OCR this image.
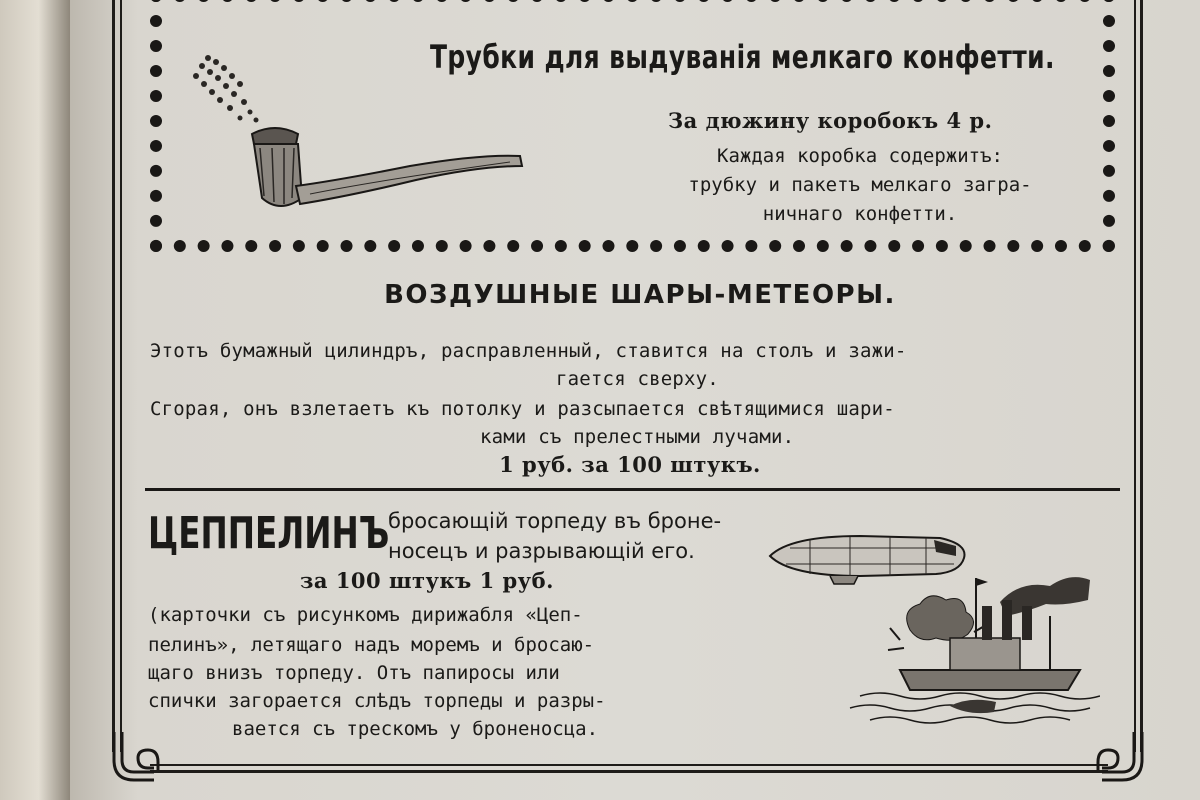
Трубки для выдуванія мелкаго конфетти.
За дюжину коробокъ 4 р.
Каждая коробка содержитъ:
трубку и пакетъ мелкаго загра-
ничнаго конфетти.
ВОЗДУШНЫЕ ШАРЫ-МЕТЕОРЫ.
Этотъ бумажный цилиндръ, расправленный, ставится на столъ и зажи-
гается сверху.
Сгорая, онъ взлетаетъ къ потолку и разсыпается свѣтящимися шари-
ками съ прелестными лучами.
1 руб. за 100 штукъ.
ЦЕППЕЛИНЪ
бросающій торпеду въ броне-
носецъ и разрывающій его.
за 100 штукъ 1 руб.
(карточки съ рисункомъ дирижабля «Цеп-
пелинъ», летящаго надъ моремъ и бросаю-
щаго внизъ торпеду. Отъ папиросы или
спички загорается слѣдъ торпеды и разры-
вается съ трескомъ у броненосца.
